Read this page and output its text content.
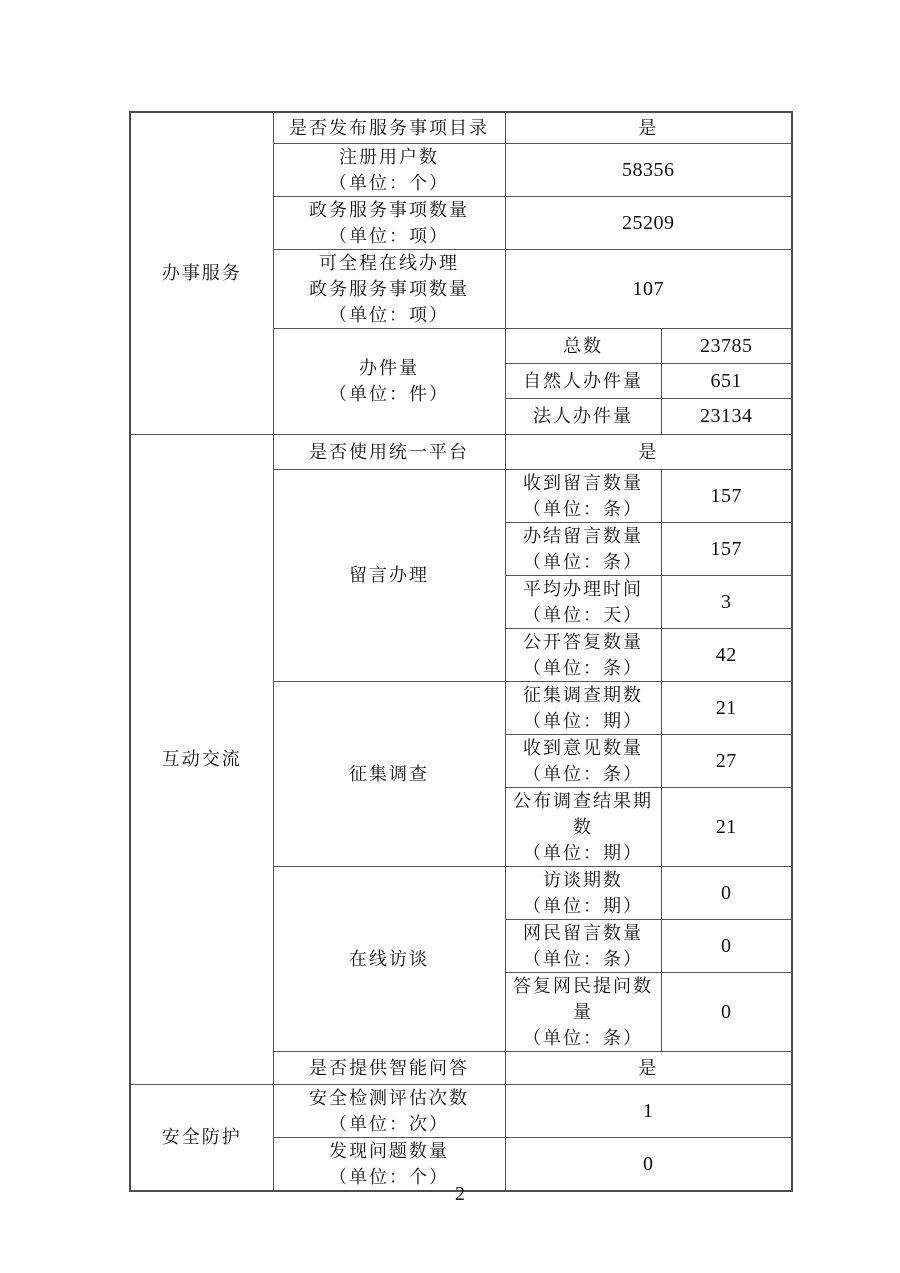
办事服务	是否发布服务事项目录	是	

	注册用户数
（单位：个）	58356	

	政务服务事项数量
（单位：项）	25209	

	可全程在线办理
政务服务事项数量
（单位：项）	107	

	办件量
（单位：件）	总数	23785
		自然人办件量	651
		法人办件量	23134
互动交流	是否使用统一平台	是	
	留言办理	收到留言数量
（单位：条）	157

		办结留言数量
（单位：条）	157

		平均办理时间
（单位：天）	3

		公开答复数量
（单位：条）	42
	征集调查	征集调查期数
（单位：期）	21

		收到意见数量
（单位：条）	27

		公布调查结果期数
（单位：期）	21
	在线访谈	访谈期数
（单位：期）	0

		网民留言数量
（单位：条）	0

		答复网民提问数量
（单位：条）	0
	是否提供智能问答	是	
安全防护	安全检测评估次数
（单位：次）	1	

	发现问题数量
（单位：个）	0	
2
